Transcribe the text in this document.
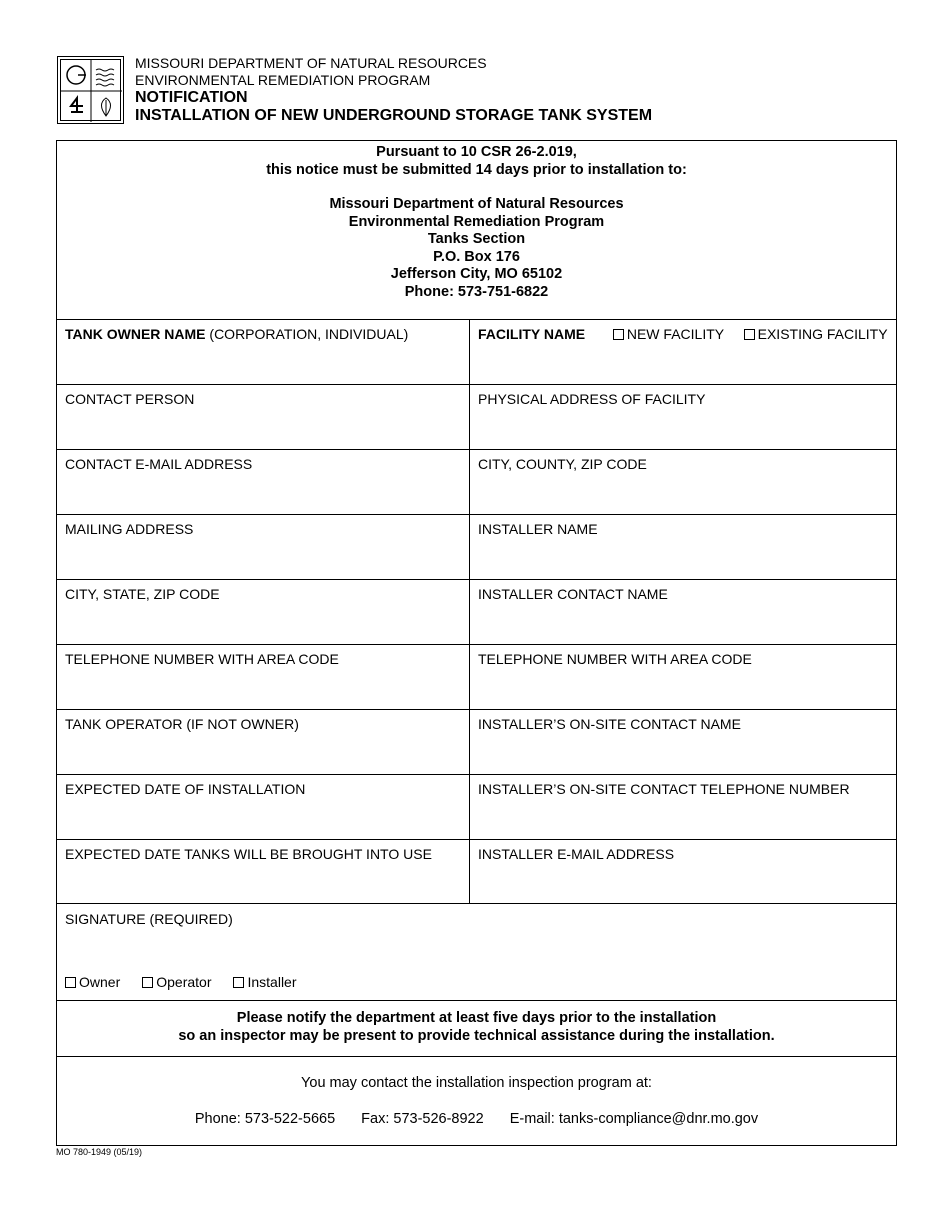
MISSOURI DEPARTMENT OF NATURAL RESOURCES
ENVIRONMENTAL REMEDIATION PROGRAM
NOTIFICATION
INSTALLATION OF NEW UNDERGROUND STORAGE TANK SYSTEM
Pursuant to 10 CSR 26-2.019,
this notice must be submitted 14 days prior to installation to:
Missouri Department of Natural Resources
Environmental Remediation Program
Tanks Section
P.O. Box 176
Jefferson City, MO 65102
Phone: 573-751-6822
TANK OWNER NAME (CORPORATION, INDIVIDUAL)	FACILITY NAME	NEW FACILITY EXISTING FACILITY
CONTACT PERSON	PHYSICAL ADDRESS OF FACILITY
CONTACT E-MAIL ADDRESS	CITY, COUNTY, ZIP CODE
MAILING ADDRESS	INSTALLER NAME
CITY, STATE, ZIP CODE	INSTALLER CONTACT NAME
TELEPHONE NUMBER WITH AREA CODE	TELEPHONE NUMBER WITH AREA CODE
TANK OPERATOR (IF NOT OWNER)	INSTALLER’S ON-SITE CONTACT NAME
EXPECTED DATE OF INSTALLATION	INSTALLER’S ON-SITE CONTACT TELEPHONE NUMBER
EXPECTED DATE TANKS WILL BE BROUGHT INTO USE	INSTALLER E-MAIL ADDRESS
SIGNATURE (REQUIRED)
Owner	Operator	Installer
Please notify the department at least five days prior to the installation
so an inspector may be present to provide technical assistance during the installation.
You may contact the installation inspection program at:
Phone: 573-522-5665 Fax: 573-526-8922 E-mail: tanks-compliance@dnr.mo.gov
MO 780-1949 (05/19)
